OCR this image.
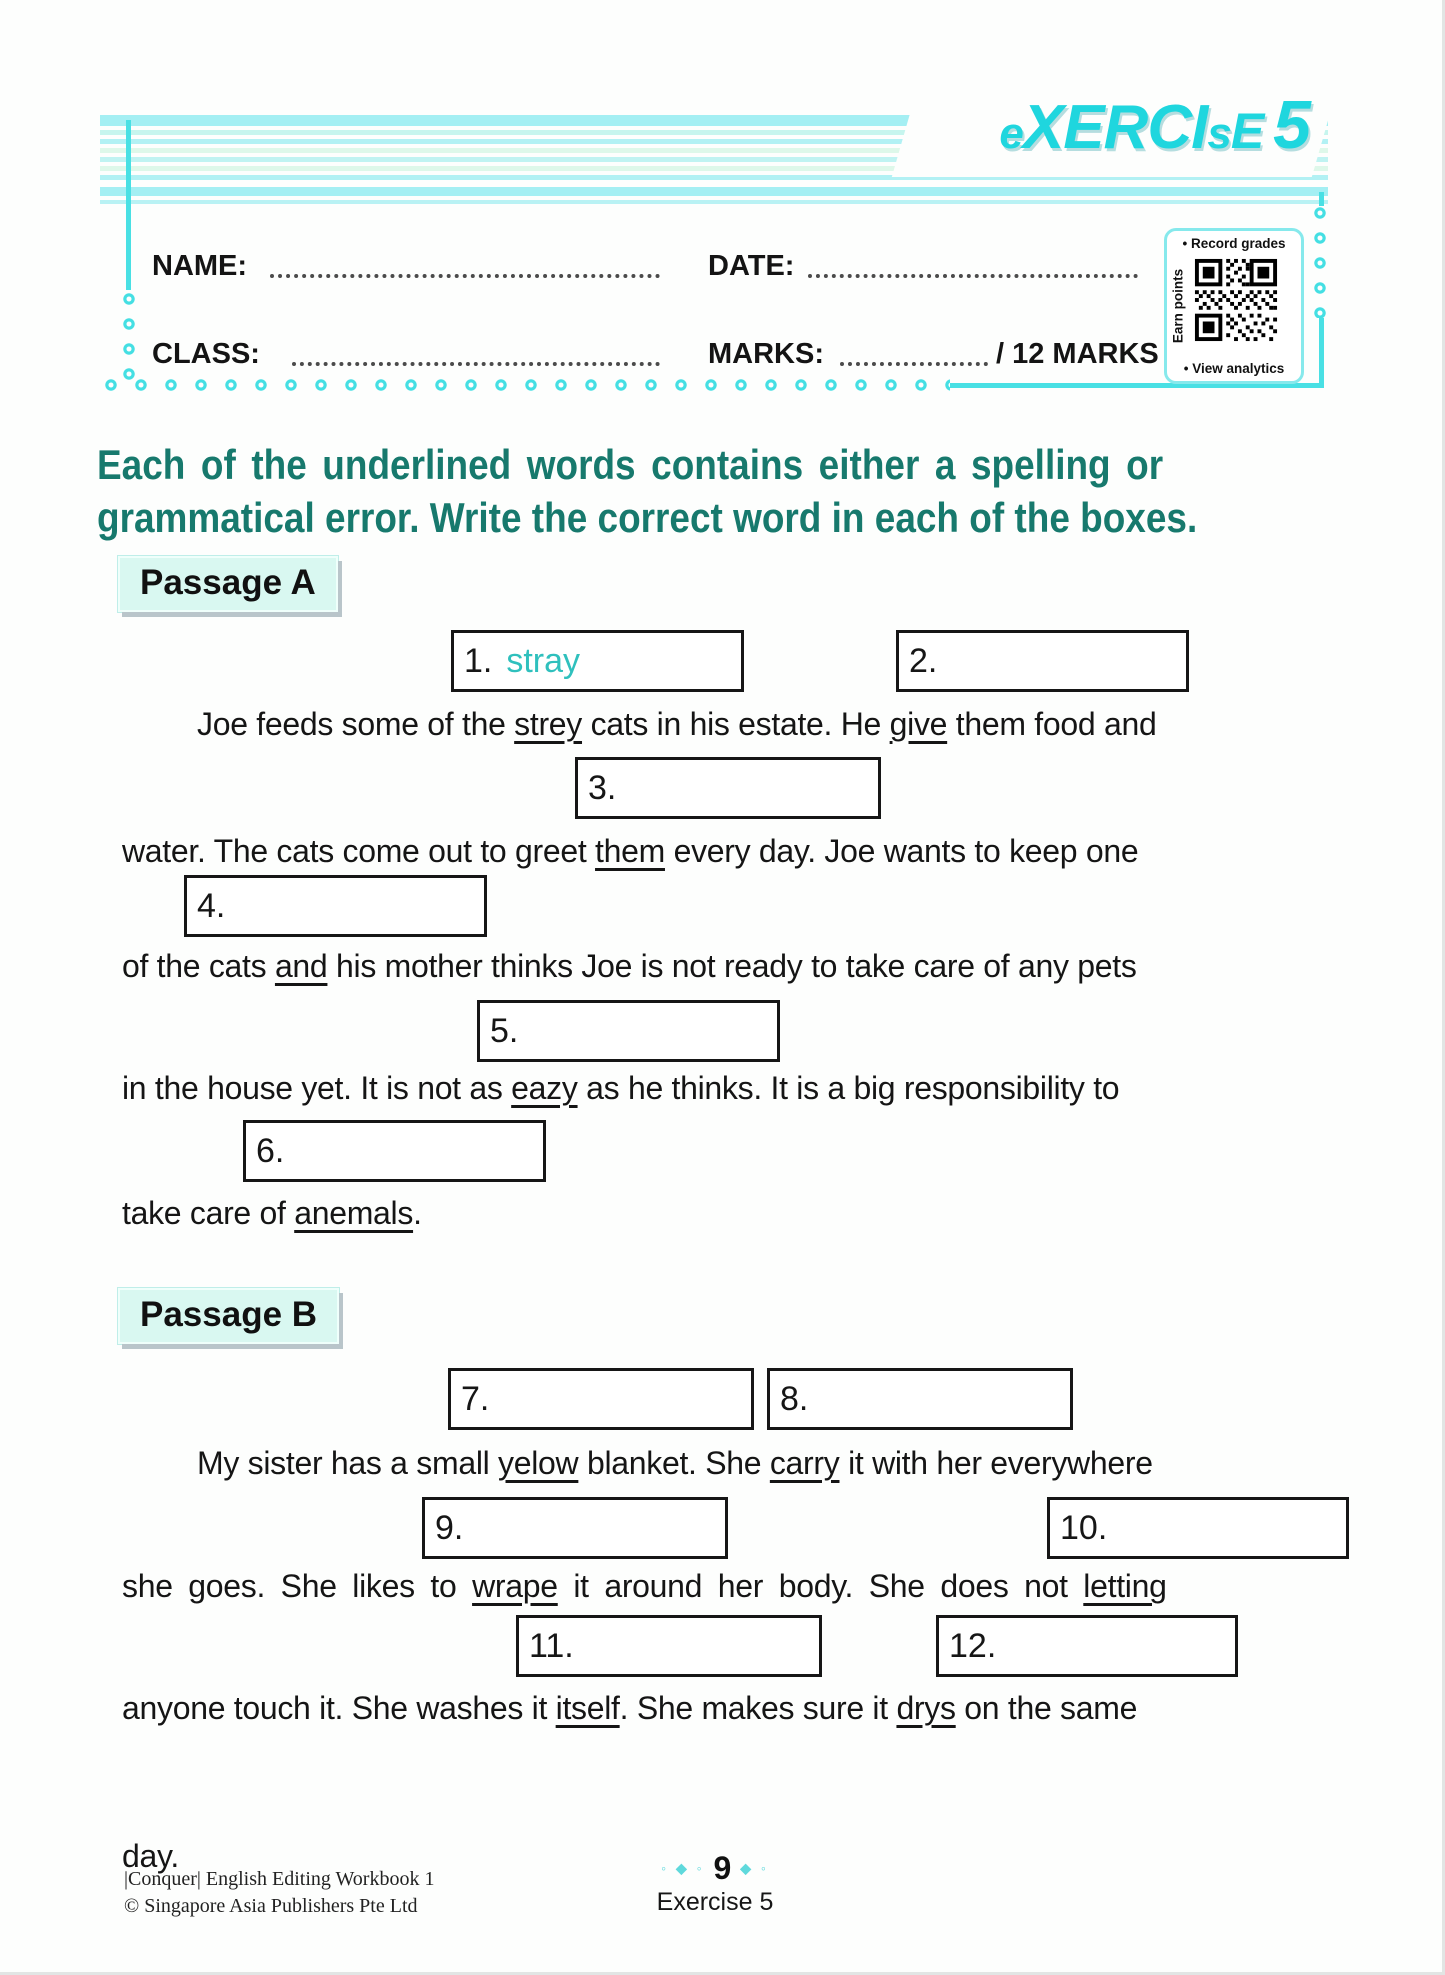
eXERCIsE 5
NAME:	DATE:
CLASS:	MARKS:	/ 12 MARKS
• Record grades
Earn points
• View analytics
Each of the underlined words contains either a spelling or
grammatical error. Write the correct word in each of the boxes.
Passage A
1. stray	2.
Joe feeds some of the strey cats in his estate. He give them food and
3.
water. The cats come out to greet them every day. Joe wants to keep one
4.
of the cats and his mother thinks Joe is not ready to take care of any pets
5.
in the house yet. It is not as eazy as he thinks. It is a big responsibility to
6.
take care of anemals.
Passage B
7.	8.
My sister has a small yelow blanket. She carry it with her everywhere
9.	10.
she goes. She likes to wrape it around her body. She does not letting
11.	12.
anyone touch it. She washes it itself. She makes sure it drys on the same
day.
|Conquer| English Editing Workbook 1
© Singapore Asia Publishers Pte Ltd
◦ ◆ ◦ 9 ◆ ◦
Exercise 5
